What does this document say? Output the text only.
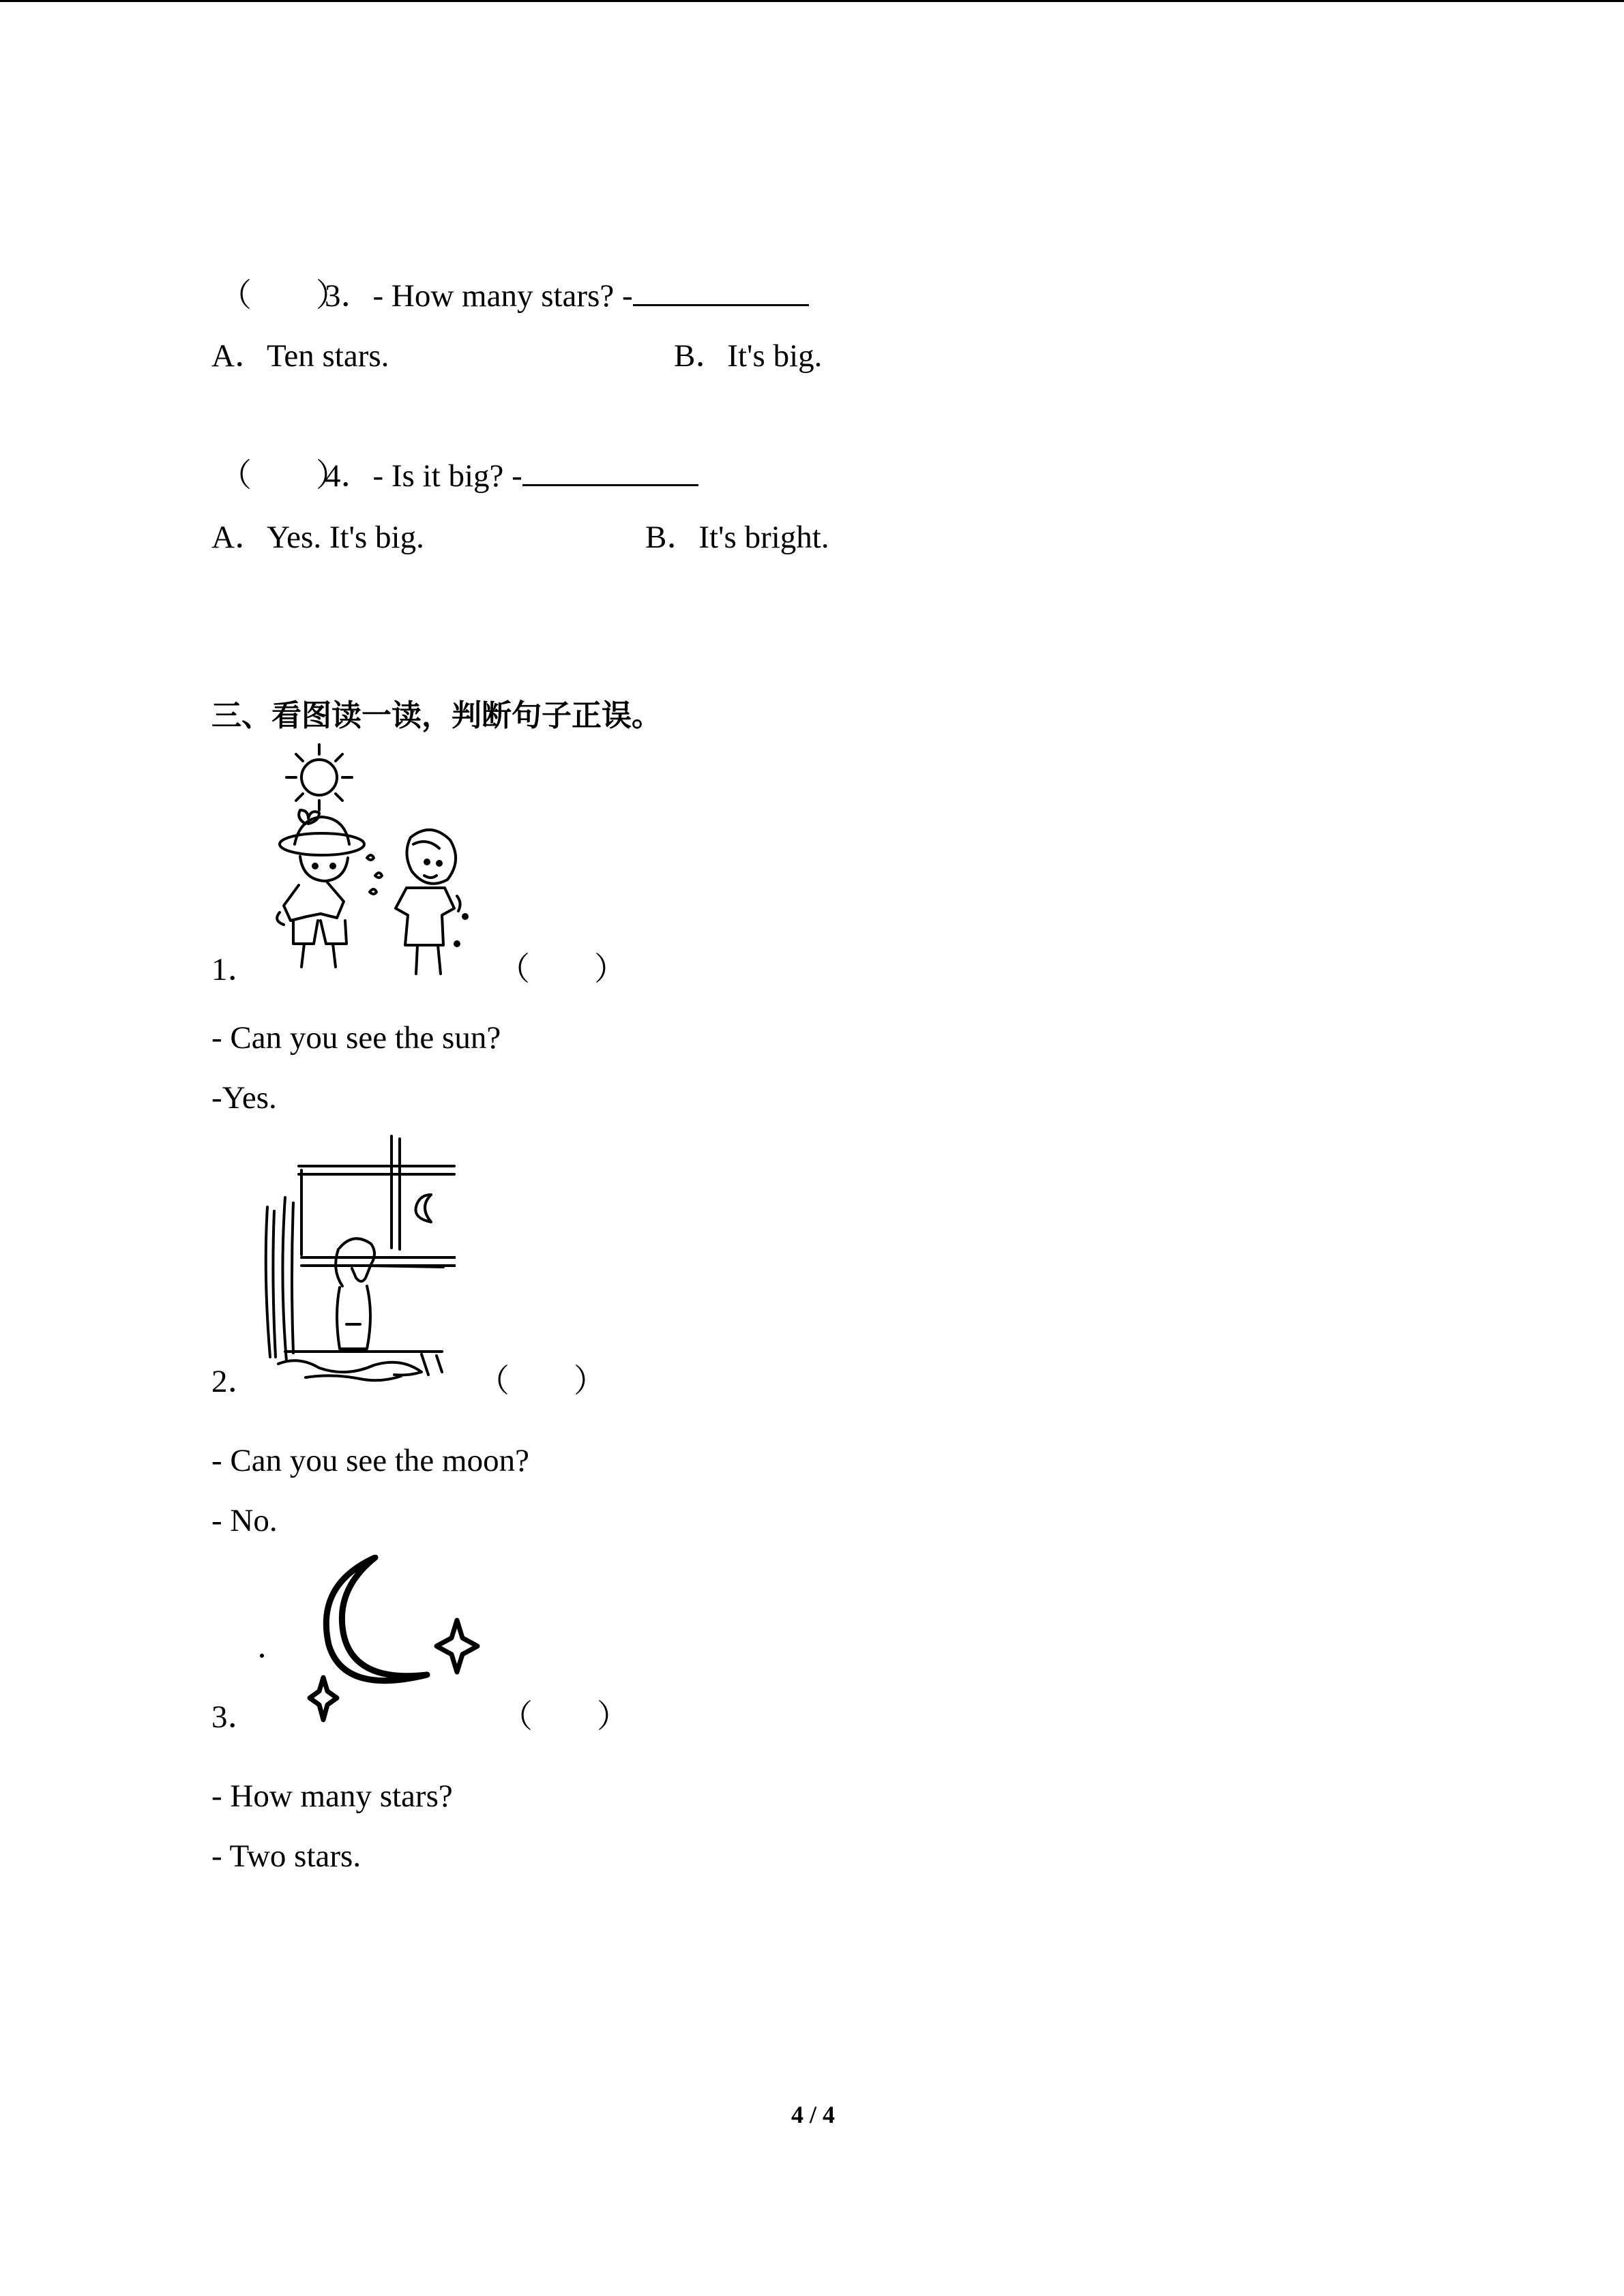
（　　）
3．- How many stars? -
A．Ten stars.	B．It's big.
（　　）
4．- Is it big? -
A．Yes. It's big.	B．It's bright.
三、看图读一读，判断句子正误。
1．	（　　）
- Can you see the sun?
-Yes.
2．	（　　）
- Can you see the moon?
- No.
3．	（　　）
- How many stars?
- Two stars.
4 / 4
